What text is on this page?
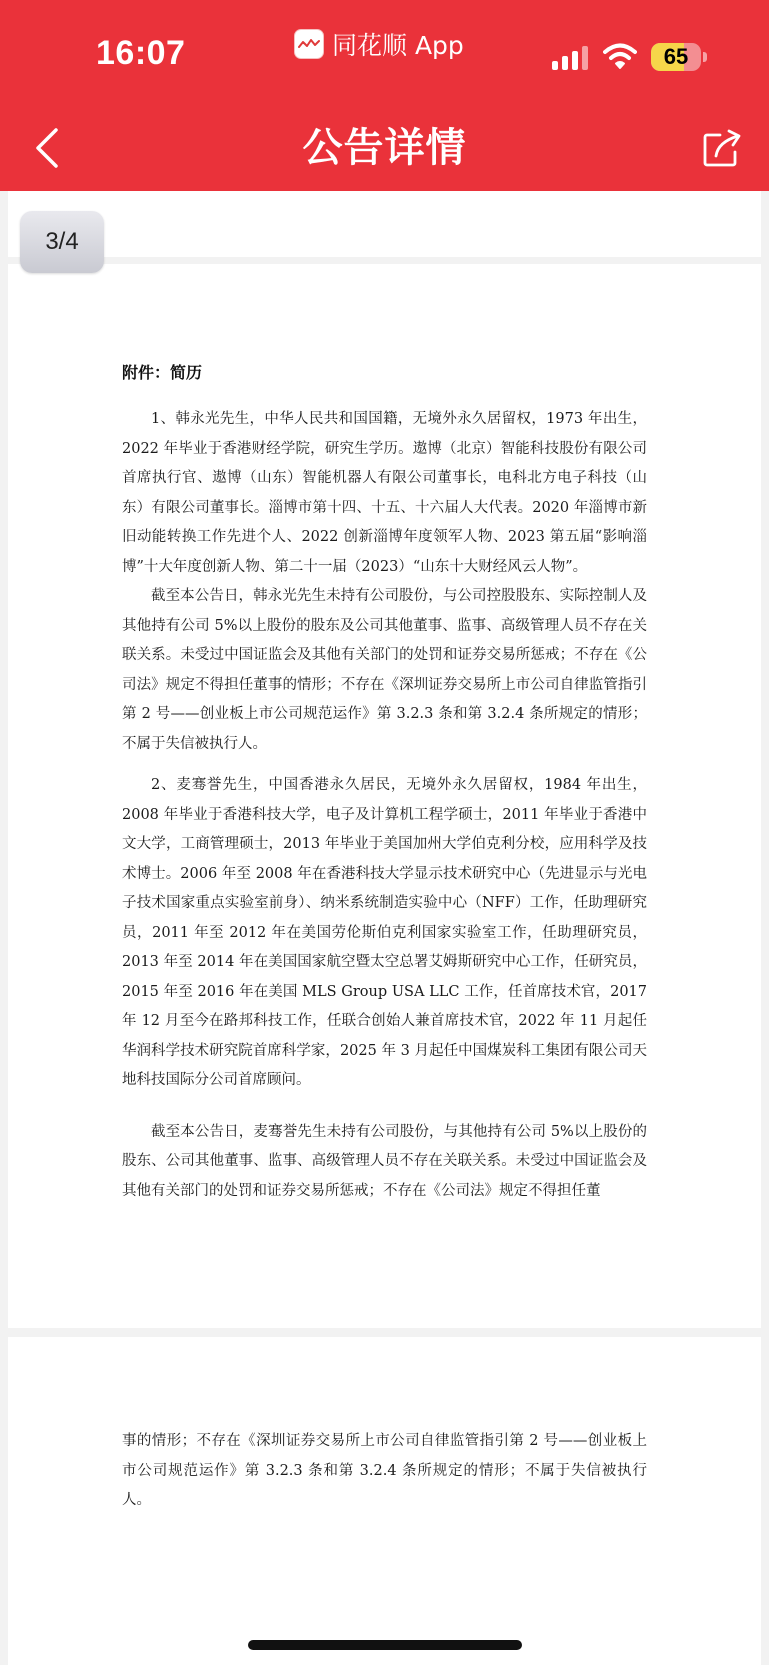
16:07	同花顺 App	65
公告详情
3/4
附件：简历

1、韩永光先生，中华人民共和国国籍，无境外永久居留权，1973 年出生，2022 年毕业于香港财经学院，研究生学历。遨博（北京）智能科技股份有限公司首席执行官、遨博（山东）智能机器人有限公司董事长，电科北方电子科技（山东）有限公司董事长。淄博市第十四、十五、十六届人大代表。2020 年淄博市新旧动能转换工作先进个人、2022 创新淄博年度领军人物、2023 第五届“影响淄博”十大年度创新人物、第二十一届（2023）“山东十大财经风云人物”。

截至本公告日，韩永光先生未持有公司股份，与公司控股股东、实际控制人及其他持有公司 5%以上股份的股东及公司其他董事、监事、高级管理人员不存在关联关系。未受过中国证监会及其他有关部门的处罚和证券交易所惩戒；不存在《公司法》规定不得担任董事的情形；不存在《深圳证券交易所上市公司自律监管指引第 2 号——创业板上市公司规范运作》第 3.2.3 条和第 3.2.4 条所规定的情形；不属于失信被执行人。

2、麦骞誉先生，中国香港永久居民，无境外永久居留权，1984 年出生，2008 年毕业于香港科技大学，电子及计算机工程学硕士，2011 年毕业于香港中文大学，工商管理硕士，2013 年毕业于美国加州大学伯克利分校，应用科学及技术博士。2006 年至 2008 年在香港科技大学显示技术研究中心（先进显示与光电子技术国家重点实验室前身）、纳米系统制造实验中心（NFF）工作，任助理研究员，2011 年至 2012 年在美国劳伦斯伯克利国家实验室工作，任助理研究员，2013 年至 2014 年在美国国家航空暨太空总署艾姆斯研究中心工作，任研究员，2015 年至 2016 年在美国 MLS Group USA LLC 工作，任首席技术官，2017 年 12 月至今在路邦科技工作，任联合创始人兼首席技术官，2022 年 11 月起任华润科学技术研究院首席科学家，2025 年 3 月起任中国煤炭科工集团有限公司天地科技国际分公司首席顾问。

截至本公告日，麦骞誉先生未持有公司股份，与其他持有公司 5%以上股份的股东、公司其他董事、监事、高级管理人员不存在关联关系。未受过中国证监会及其他有关部门的处罚和证券交易所惩戒；不存在《公司法》规定不得担任董

事的情形；不存在《深圳证券交易所上市公司自律监管指引第 2 号——创业板上市公司规范运作》第 3.2.3 条和第 3.2.4 条所规定的情形；不属于失信被执行人。
